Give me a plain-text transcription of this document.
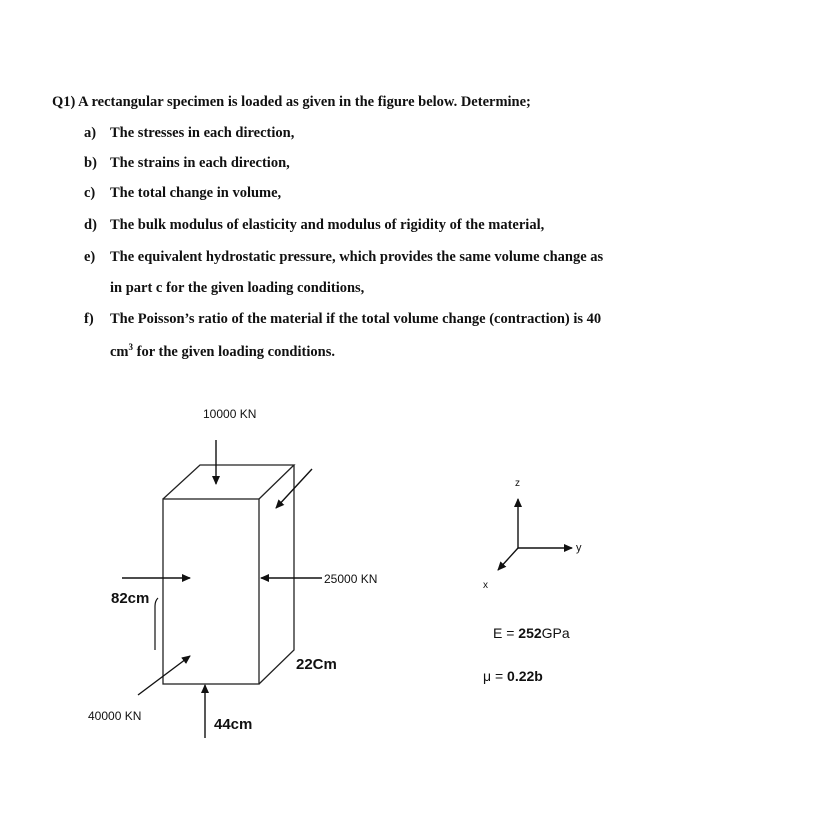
Q1) A rectangular specimen is loaded as given in the figure below. Determine;
a) The stresses in each direction,
b) The strains in each direction,
c) The total change in volume,
d) The bulk modulus of elasticity and modulus of rigidity of the material,
e) The equivalent hydrostatic pressure, which provides the same volume change as
in part c for the given loading conditions,
f) The Poisson’s ratio of the material if the total volume change (contraction) is 40
$cm^3$ for the given loading conditions.
10000 KN
25000 KN
40000 KN
82cm
22Cm
44cm
z
y
x
E = 252GPa
μ = 0.22b
